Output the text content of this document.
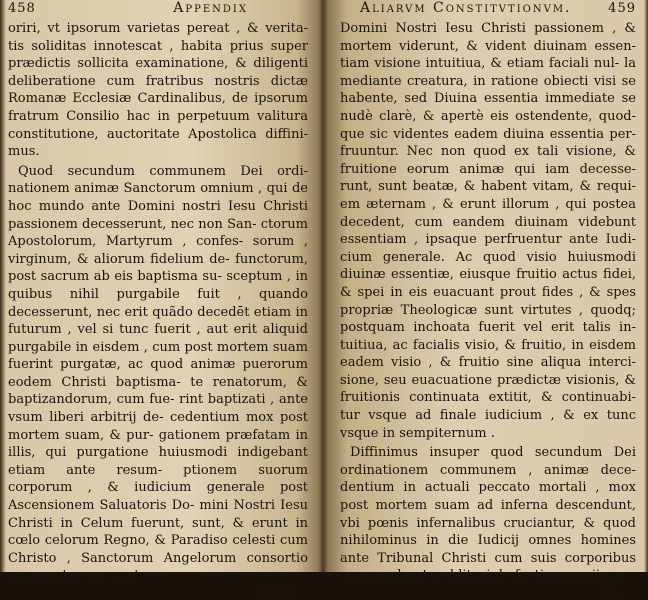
458	Appendix

oriri, vt ipsorum varietas pereat , & verita- tis soliditas innotescat , habita prius super prædictis sollicita examinatione, & diligenti deliberatione cum fratribus nostris dictæ Romanæ Ecclesiæ Cardinalibus, de ipsorum fratrum Consilio hac in perpetuum valitura constitutione, auctoritate Apostolica diffini- mus.

Quod secundum communem Dei ordi- nationem animæ Sanctorum omnium , qui de hoc mundo ante Domini nostri Iesu Christi passionem decesserunt, nec non San- ctorum Apostolorum, Martyrum , confes- sorum , virginum, & aliorum fidelium de- functorum, post sacrum ab eis baptisma su- sceptum , in quibus nihil purgabile fuit , quando decesserunt, nec erit quãdo decedēt etiam in futurum , vel si tunc fuerit , aut erit aliquid purgabile in eisdem , cum post mortem suam fuerint purgatæ, ac quod animæ puerorum eodem Christi baptisma- te renatorum, & baptizandorum, cum fue- rint baptizati , ante vsum liberi arbitrij de- cedentium mox post mortem suam, & pur- gationem præfatam in illis, qui purgatione huiusmodi indigebant etiam ante resum- ptionem suorum corporum , & iudicium generale post Ascensionem Saluatoris Do- mini Nostri Iesu Christi in Celum fuerunt, sunt, & erunt in cœlo celorum Regno, & Paradiso celesti cum Christo , Sanctorum Angelorum consortio aggregatæ , ac post

Domi-
Aliarvm Constitvtionvm.	459

Domini Nostri Iesu Christi passionem , & mortem viderunt, & vident diuinam essen- tiam visione intuitiua, & etiam faciali nul- la mediante creatura, in ratione obiecti visi se habente, sed Diuina essentia immediate se nudè clarè, & apertè eis ostendente, quod- que sic videntes eadem diuina essentia per- fruuntur. Nec non quod ex tali visione, & fruitione eorum animæ qui iam decesse- runt, sunt beatæ, & habent vitam, & requi- em æternam , & erunt illorum , qui postea decedent, cum eandem diuinam videbunt essentiam , ipsaque perfruentur ante Iudi- cium generale. Ac quod visio huiusmodi diuinæ essentiæ, eiusque fruitio actus fidei, & spei in eis euacuant prout fides , & spes propriæ Theologicæ sunt virtutes , quodq; postquam inchoata fuerit vel erit talis in- tuitiua, ac facialis visio, & fruitio, in eisdem eadem visio , & fruitio sine aliqua interci- sione, seu euacuatione prædictæ visionis, & fruitionis continuata extitit, & continuabi- tur vsque ad finale iudicium , & ex tunc vsque in sempiternum .

Diffinimus insuper quod secundum Dei ordinationem communem , animæ dece- dentium in actuali peccato mortali , mox post mortem suam ad inferna descendunt, vbi pœnis infernalibus cruciantur, & quod nihilominus in die Iudicij omnes homines ante Tribunal Christi cum suis corporibus comparebunt reddituri de factis propriis ra-

tio-
